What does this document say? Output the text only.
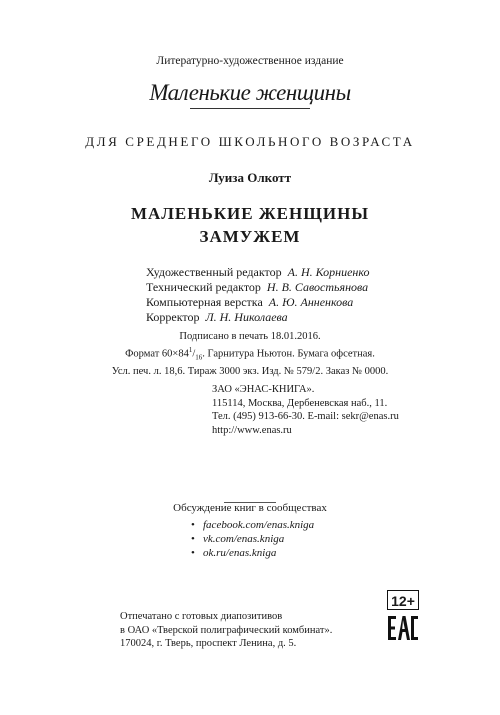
Литературно-художественное издание
Маленькие женщины
ДЛЯ СРЕДНЕГО ШКОЛЬНОГО ВОЗРАСТА
Луиза Олкотт
МАЛЕНЬКИЕ ЖЕНЩИНЫ
ЗАМУЖЕМ
Художественный редактор А. Н. Корниенко
Технический редактор Н. В. Савостьянова
Компьютерная верстка А. Ю. Анненкова
Корректор Л. Н. Николаева
Подписано в печать 18.01.2016.
Формат $60\times 84^1/_{16}$. Гарнитура Ньютон. Бумага офсетная.
Усл. печ. л. 18,6. Тираж 3000 экз. Изд. № 579/2. Заказ № 0000.
ЗАО «ЭНАС-КНИГА».
115114, Москва, Дербеневская наб., 11.
Тел. (495) 913-66-30. E-mail: sekr@enas.ru
http://www.enas.ru
Обсуждение книг в сообществах
• facebook.com/enas.kniga
• vk.com/enas.kniga
• ok.ru/enas.kniga
Отпечатано с готовых диапозитивов
в ОАО «Тверской полиграфический комбинат».
170024, г. Тверь, проспект Ленина, д. 5.
12+
